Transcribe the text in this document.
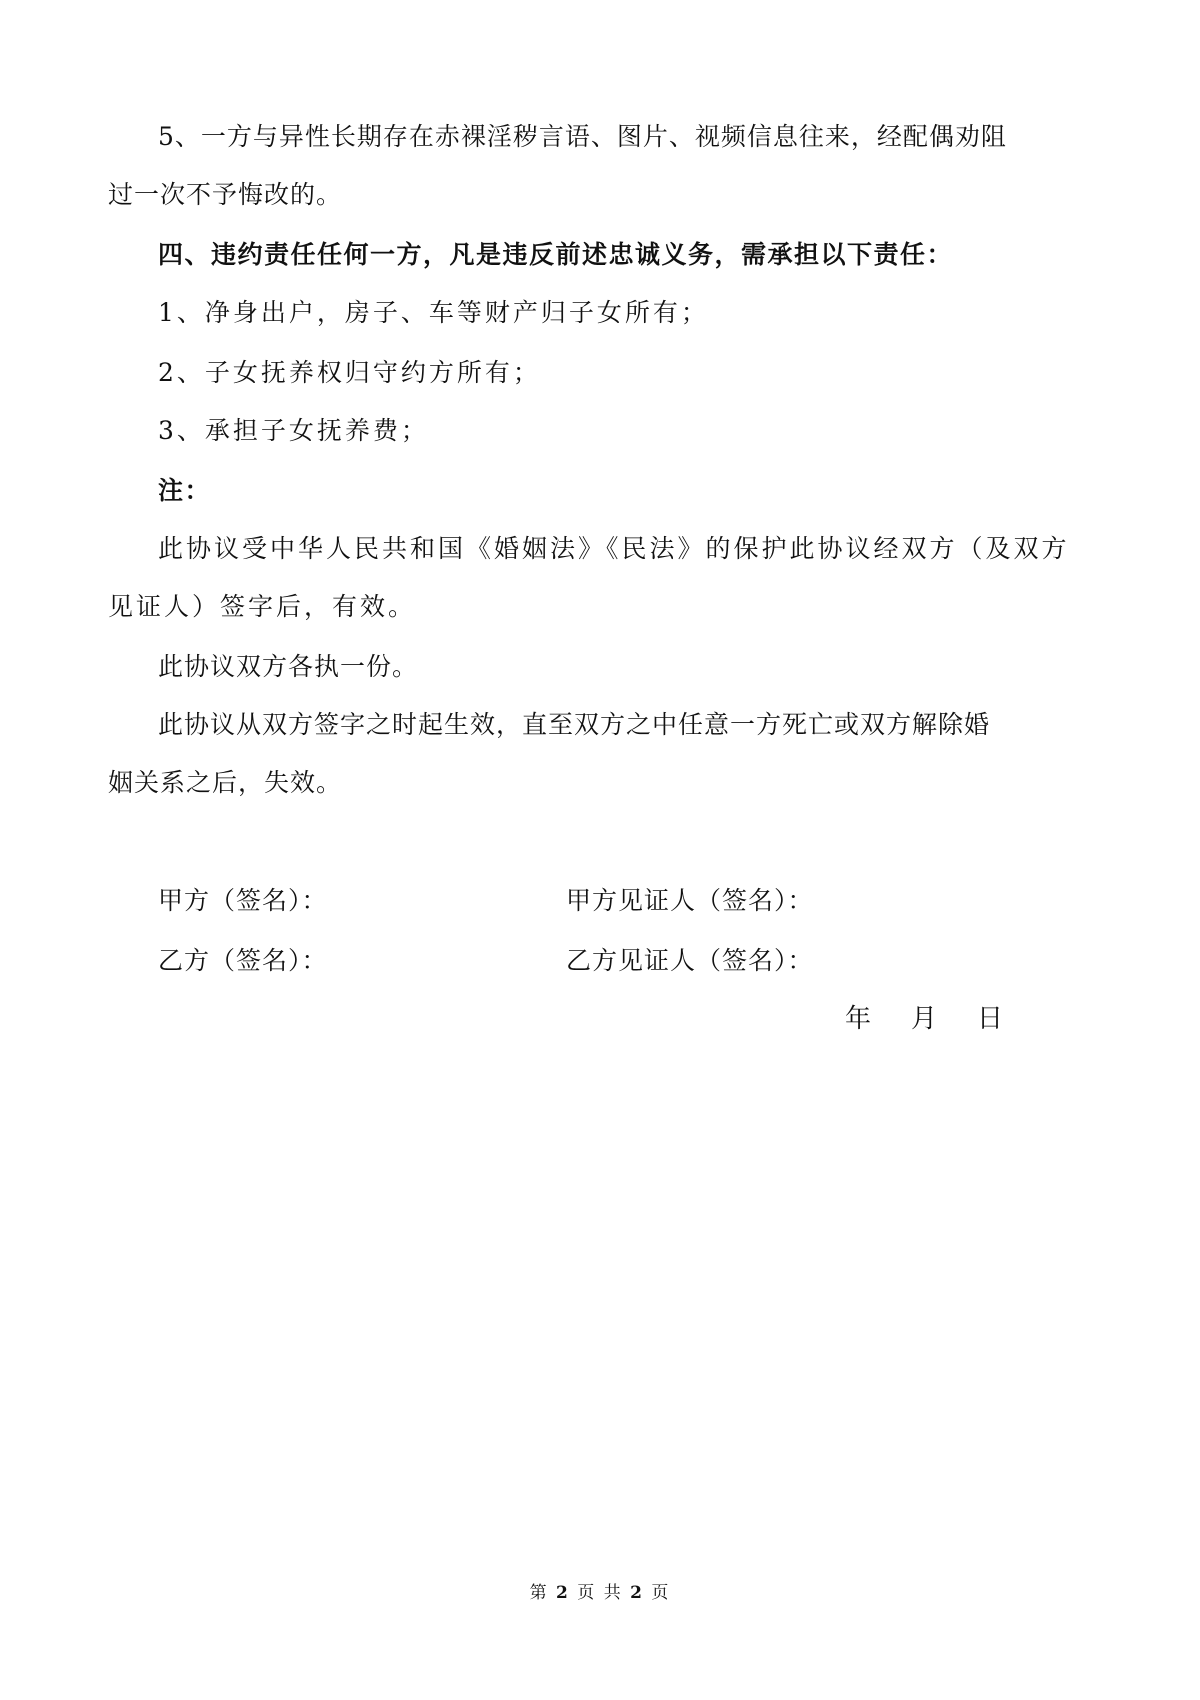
5、一方与异性长期存在赤裸淫秽言语、图片、视频信息往来，经配偶劝阻
过一次不予悔改的。
四、违约责任任何一方，凡是违反前述忠诚义务，需承担以下责任：
1、净身出户，房子、车等财产归子女所有；
2、子女抚养权归守约方所有；
3、承担子女抚养费；
注：
此协议受中华人民共和国《婚姻法》《民法》的保护此协议经双方（及双方
见证人）签字后，有效。
此协议双方各执一份。
此协议从双方签字之时起生效，直至双方之中任意一方死亡或双方解除婚
姻关系之后，失效。
甲方（签名）：	甲方见证人（签名）：
乙方（签名）：	乙方见证人（签名）：
年 月 日
第 2 页 共 2 页
